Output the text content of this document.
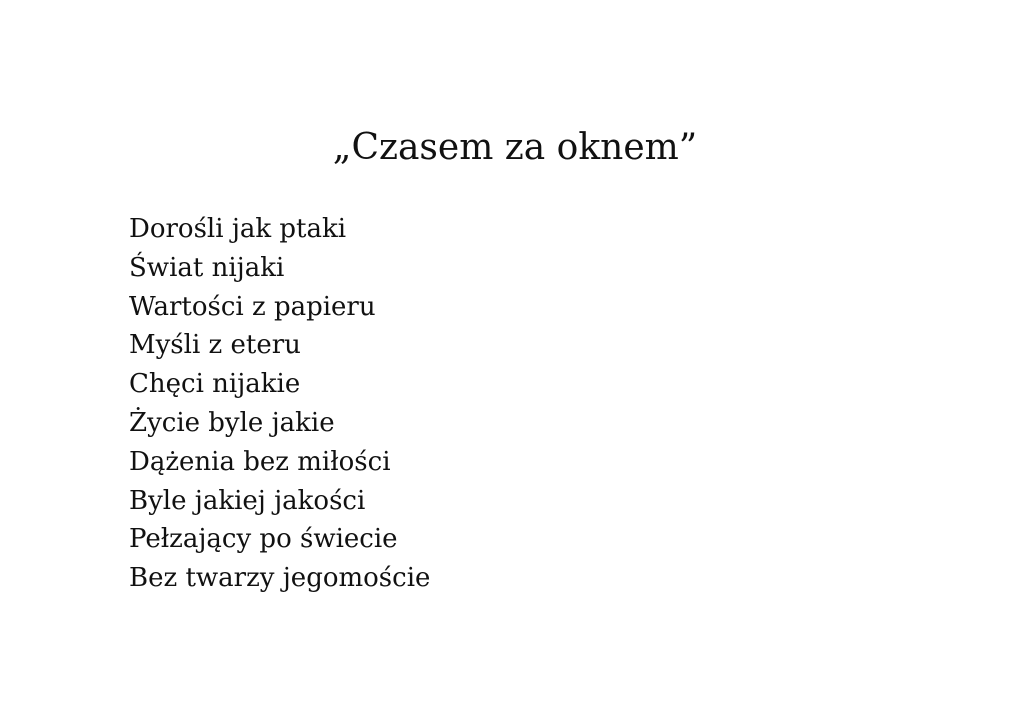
„Czasem za oknem”
Dorośli jak ptaki
Świat nijaki
Wartości z papieru
Myśli z eteru
Chęci nijakie
Życie byle jakie
Dążenia bez miłości
Byle jakiej jakości
Pełzający po świecie
Bez twarzy jegomoście
